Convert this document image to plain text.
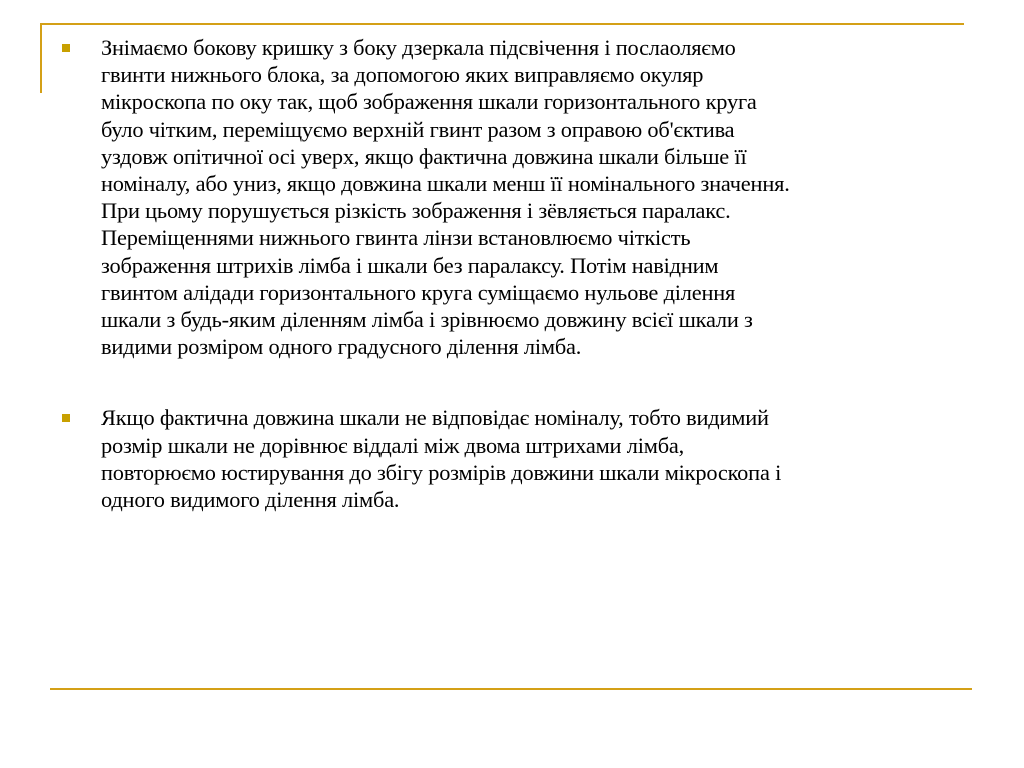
Знімаємо бокову кришку з боку дзеркала підсвічення і послаоляємо
гвинти нижнього блока, за допомогою яких виправляємо окуляр
мікроскопа по оку так, щоб зображення шкали горизонтального круга
було чітким, переміщуємо верхній гвинт разом з оправою об'єктива
уздовж опітичної осі уверх, якщо фактична довжина шкали більше її
номіналу, або униз, якщо довжина шкали менш її номінального значення.
При цьому порушується різкість зображення і зёвляється паралакс.
Переміщеннями нижнього гвинта лінзи встановлюємо чіткість
зображення штрихів лімба і шкали без паралаксу. Потім навідним
гвинтом алідади горизонтального круга суміщаємо нульове ділення
шкали з будь-яким діленням лімба і зрівнюємо довжину всієї шкали з
видими розміром одного градусного ділення лімба.
Якщо фактична довжина шкали не відповідає номіналу, тобто видимий
розмір шкали не дорівнює віддалі між двома штрихами лімба,
повторюємо юстирування до збігу розмірів довжини шкали мікроскопа і
одного видимого ділення лімба.
